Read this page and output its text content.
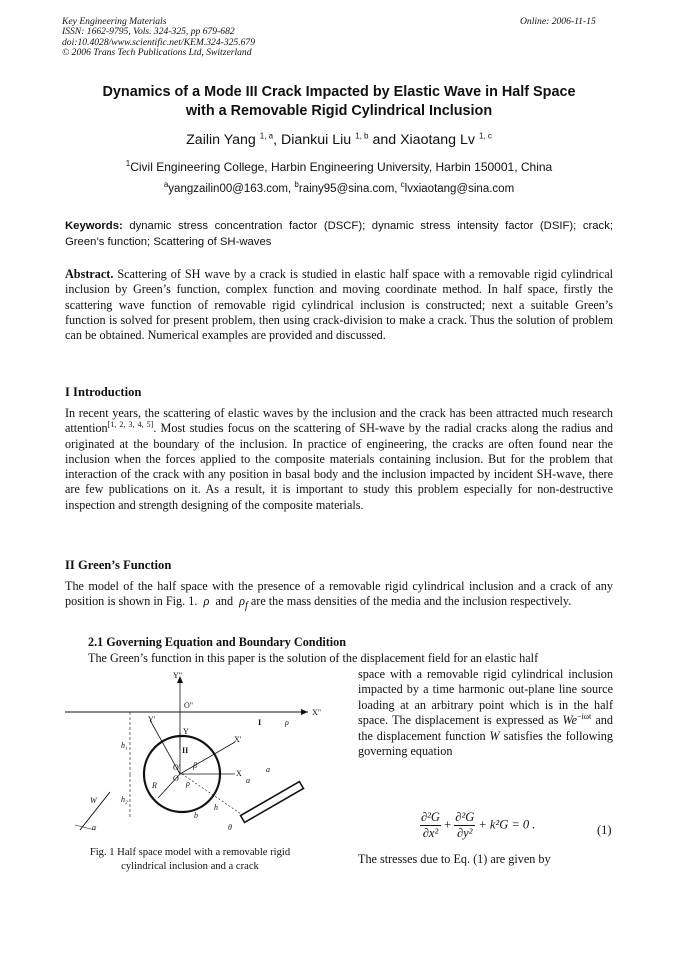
Key Engineering Materials
ISSN: 1662-9795, Vols. 324-325, pp 679-682
doi:10.4028/www.scientific.net/KEM.324-325.679
© 2006 Trans Tech Publications Ltd, Switzerland
Online: 2006-11-15
Dynamics of a Mode III Crack Impacted by Elastic Wave in Half Space
with a Removable Rigid Cylindrical Inclusion
Zailin Yang $^{1, a}$, Diankui Liu $^{1, b}$ and Xiaotang Lv $^{1, c}$
$^1$Civil Engineering College, Harbin Engineering University, Harbin 150001, China
$^a$yangzailin00@163.com, $^b$rainy95@sina.com, $^c$lvxiaotang@sina.com
Keywords: dynamic stress concentration factor (DSCF); dynamic stress intensity factor (DSIF); crack; Green’s function; Scattering of SH-waves
Abstract. Scattering of SH wave by a crack is studied in elastic half space with a removable rigid cylindrical inclusion by Green’s function, complex function and moving coordinate method. In half space, firstly the scattering wave function of removable rigid cylindrical inclusion is constructed; next a suitable Green’s function is solved for present problem, then using crack-division to make a crack. Thus the solution of problem can be obtained. Numerical examples are provided and discussed.
I Introduction
In recent years, the scattering of elastic waves by the inclusion and the crack has been attracted much research attention[1, 2, 3, 4, 5]. Most studies focus on the scattering of SH-wave by the radial cracks along the radius and originated at the boundary of the inclusion. In practice of engineering, the cracks are often found near the inclusion when the forces applied to the composite materials containing inclusion. But for the problem that interaction of the crack with any position in basal body and the inclusion impacted by incident SH-wave, there are few publications on it. As a result, it is important to study this problem especially for non-destructive inspection and strength designing of the composite materials.
II Green’s Function
The model of the half space with the presence of a removable rigid cylindrical inclusion and a crack of any position is shown in Fig. 1. ρ and $\rho_f$ are the mass densities of the media and the inclusion respectively.
2.1 Governing Equation and Boundary Condition
The Green’s function in this paper is the solution of the displacement field for an elastic half
space with a removable rigid cylindrical inclusion impacted by a time harmonic out-plane line source loading at an arbitrary point which is in the half space. The displacement is expressed as $We^{-i\omega t}$ and the displacement function W satisfies the following governing equation
$\frac{\text{∂²G}}{\text{∂x²}} + \frac{\text{∂²G}}{\text{∂y²}} + k^2G = 0$ .	(1)
The stresses due to Eq. (1) are given by
Y"
O"
X"
Y'	I	ρ
Y
X'
II
O'
O
X
h₁
h₂
R	ρ	a
a
h
b
W
α
β
θ
Fig. 1 Half space model with a removable rigid cylindrical inclusion and a crack
